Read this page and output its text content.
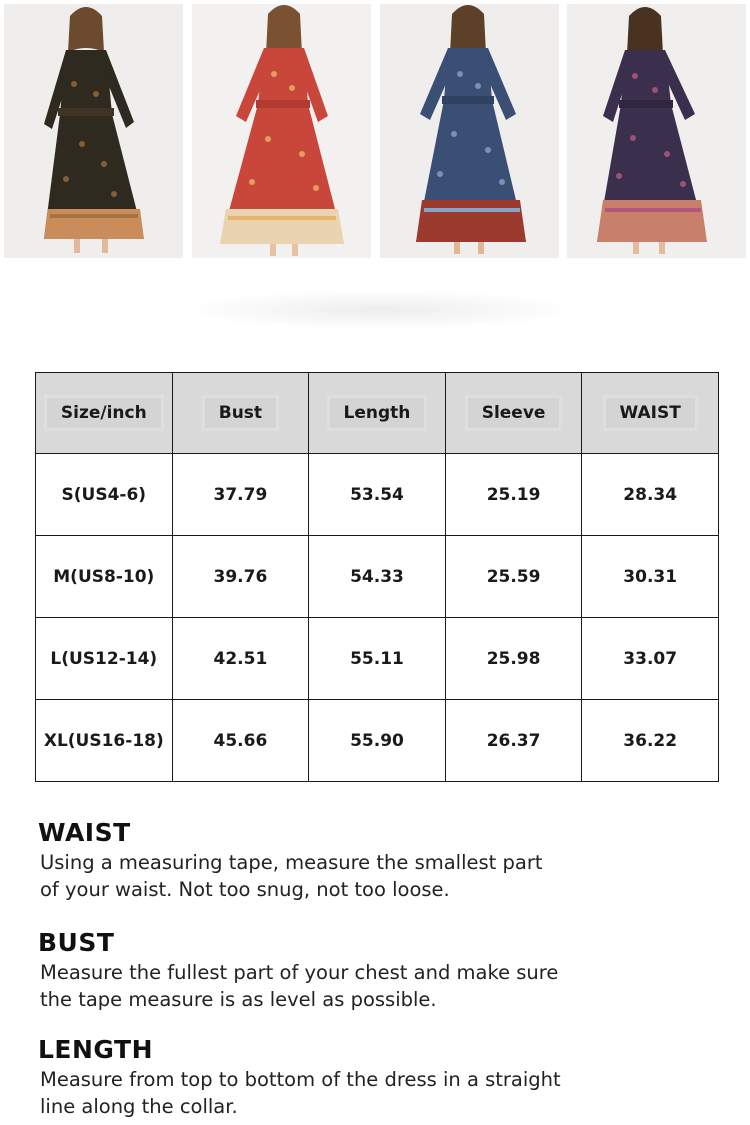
Size/inch	Bust	Length	Sleeve	WAIST
S(US4-6)	37.79	53.54	25.19	28.34
M(US8-10)	39.76	54.33	25.59	30.31
L(US12-14)	42.51	55.11	25.98	33.07
XL(US16-18)	45.66	55.90	26.37	36.22
WAIST

Using a measuring tape, measure the smallest part
of your waist. Not too snug, not too loose.

BUST

Measure the fullest part of your chest and make sure
the tape measure is as level as possible.

LENGTH

Measure from top to bottom of the dress in a straight
line along the collar.
